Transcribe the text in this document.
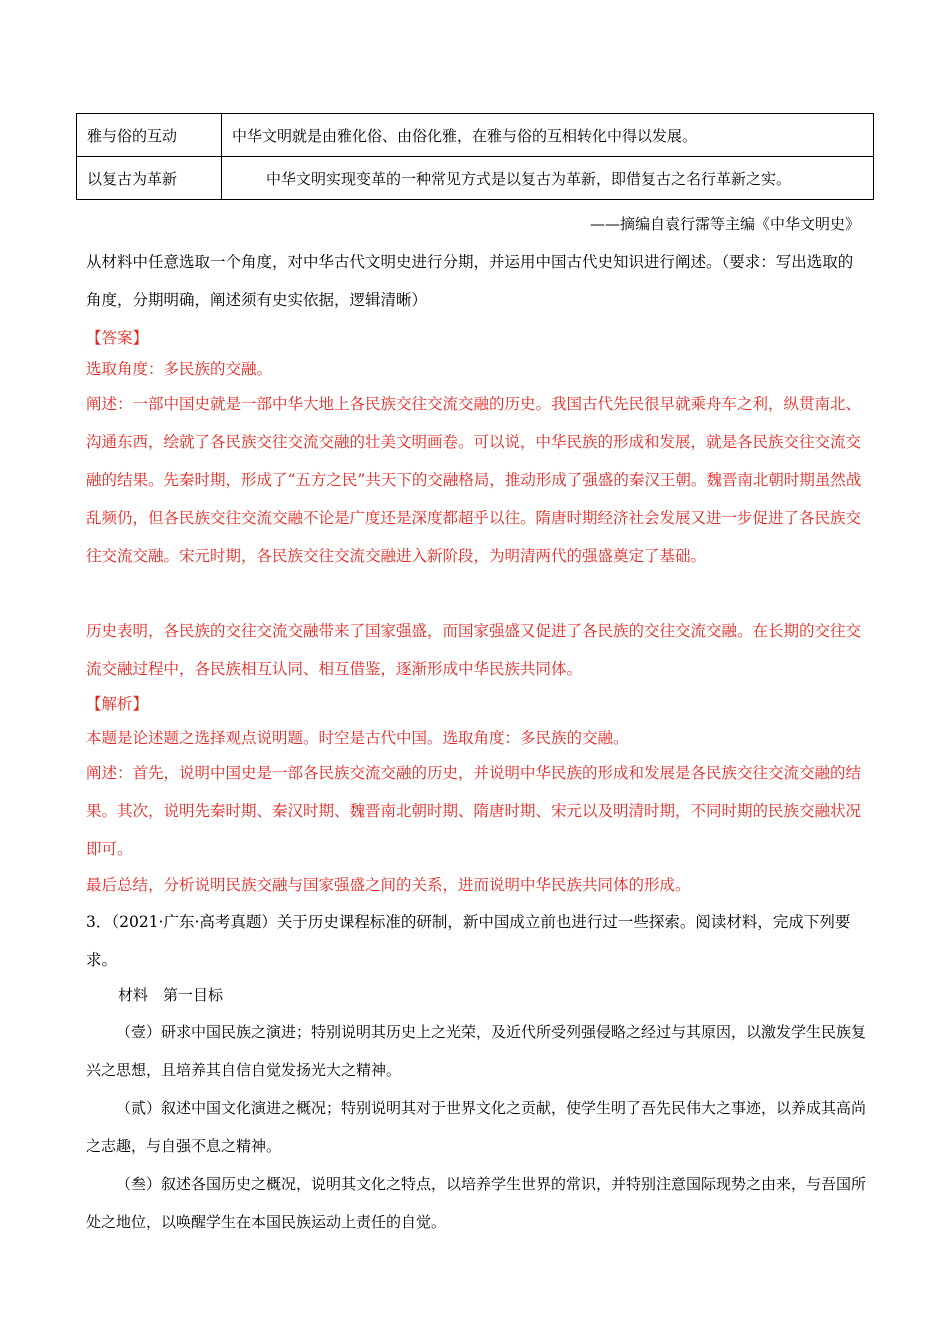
雅与俗的互动	中华文明就是由雅化俗、由俗化雅，在雅与俗的互相转化中得以发展。
以复古为革新	中华文明实现变革的一种常见方式是以复古为革新，即借复古之名行革新之实。
——摘编自袁行霈等主编《中华文明史》

从材料中任意选取一个角度，对中华古代文明史进行分期，并运用中国古代史知识进行阐述。（要求：写出选取的角度，分期明确，阐述须有史实依据，逻辑清晰）

【答案】

选取角度：多民族的交融。

阐述：一部中国史就是一部中华大地上各民族交往交流交融的历史。我国古代先民很早就乘舟车之利，纵贯南北、沟通东西，绘就了各民族交往交流交融的壮美文明画卷。可以说，中华民族的形成和发展，就是各民族交往交流交融的结果。先秦时期，形成了“五方之民”共天下的交融格局，推动形成了强盛的秦汉王朝。魏晋南北朝时期虽然战乱频仍，但各民族交往交流交融不论是广度还是深度都超乎以往。隋唐时期经济社会发展又进一步促进了各民族交往交流交融。宋元时期，各民族交往交流交融进入新阶段，为明清两代的强盛奠定了基础。

历史表明，各民族的交往交流交融带来了国家强盛，而国家强盛又促进了各民族的交往交流交融。在长期的交往交流交融过程中，各民族相互认同、相互借鉴，逐渐形成中华民族共同体。

【解析】

本题是论述题之选择观点说明题。时空是古代中国。选取角度：多民族的交融。

阐述：首先，说明中国史是一部各民族交流交融的历史，并说明中华民族的形成和发展是各民族交往交流交融的结果。其次，说明先秦时期、秦汉时期、魏晋南北朝时期、隋唐时期、宋元以及明清时期，不同时期的民族交融状况即可。

最后总结，分析说明民族交融与国家强盛之间的关系，进而说明中华民族共同体的形成。

3．（2021·广东·高考真题）关于历史课程标准的研制，新中国成立前也进行过一些探索。阅读材料，完成下列要求。

材料　第一目标

（壹）研求中国民族之演进；特别说明其历史上之光荣，及近代所受列强侵略之经过与其原因，以激发学生民族复兴之思想，且培养其自信自觉发扬光大之精神。

（贰）叙述中国文化演进之概况；特别说明其对于世界文化之贡献，使学生明了吾先民伟大之事迹，以养成其高尚之志趣，与自强不息之精神。

（叁）叙述各国历史之概况，说明其文化之特点，以培养学生世界的常识，并特别注意国际现势之由来，与吾国所处之地位，以唤醒学生在本国民族运动上责任的自觉。
